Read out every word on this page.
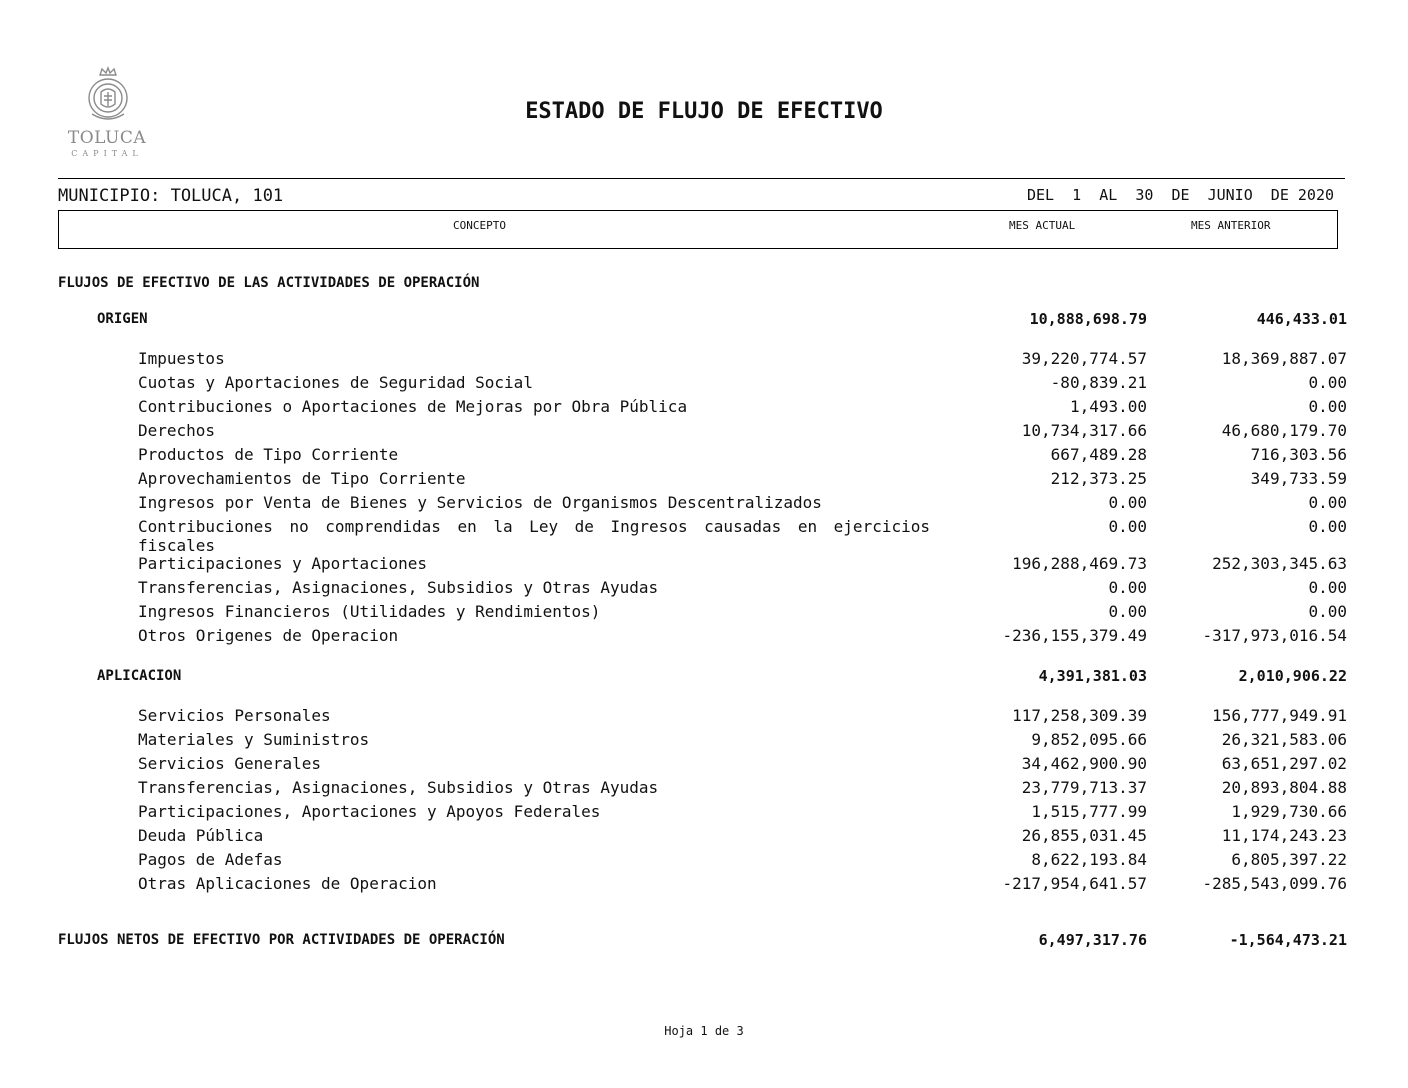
TOLUCA
CAPITAL
ESTADO DE FLUJO DE EFECTIVO
MUNICIPIO: TOLUCA, 101	DEL  1  AL  30  DE  JUNIO  DE 2020
CONCEPTO	MES ACTUAL	MES ANTERIOR
FLUJOS DE EFECTIVO DE LAS ACTIVIDADES DE OPERACIÓN
ORIGEN	10,888,698.79	446,433.01
Impuestos	39,220,774.57	18,369,887.07
Cuotas y Aportaciones de Seguridad Social	-80,839.21	0.00
Contribuciones o Aportaciones de Mejoras por Obra Pública	1,493.00	0.00
Derechos	10,734,317.66	46,680,179.70
Productos de Tipo Corriente	667,489.28	716,303.56
Aprovechamientos de Tipo Corriente	212,373.25	349,733.59
Ingresos por Venta de Bienes y Servicios de Organismos Descentralizados	0.00	0.00
Contribuciones no comprendidas en la Ley de Ingresos causadas en ejercicios fiscales
0.00	0.00
Participaciones y Aportaciones	196,288,469.73	252,303,345.63
Transferencias, Asignaciones, Subsidios y Otras Ayudas	0.00	0.00
Ingresos Financieros (Utilidades y Rendimientos)	0.00	0.00
Otros Origenes de Operacion	-236,155,379.49	-317,973,016.54
APLICACION	4,391,381.03	2,010,906.22
Servicios Personales	117,258,309.39	156,777,949.91
Materiales y Suministros	9,852,095.66	26,321,583.06
Servicios Generales	34,462,900.90	63,651,297.02
Transferencias, Asignaciones, Subsidios y Otras Ayudas	23,779,713.37	20,893,804.88
Participaciones, Aportaciones y Apoyos Federales	1,515,777.99	1,929,730.66
Deuda Pública	26,855,031.45	11,174,243.23
Pagos de Adefas	8,622,193.84	6,805,397.22
Otras Aplicaciones de Operacion	-217,954,641.57	-285,543,099.76
FLUJOS NETOS DE EFECTIVO POR ACTIVIDADES DE OPERACIÓN	6,497,317.76	-1,564,473.21
Hoja 1 de 3
